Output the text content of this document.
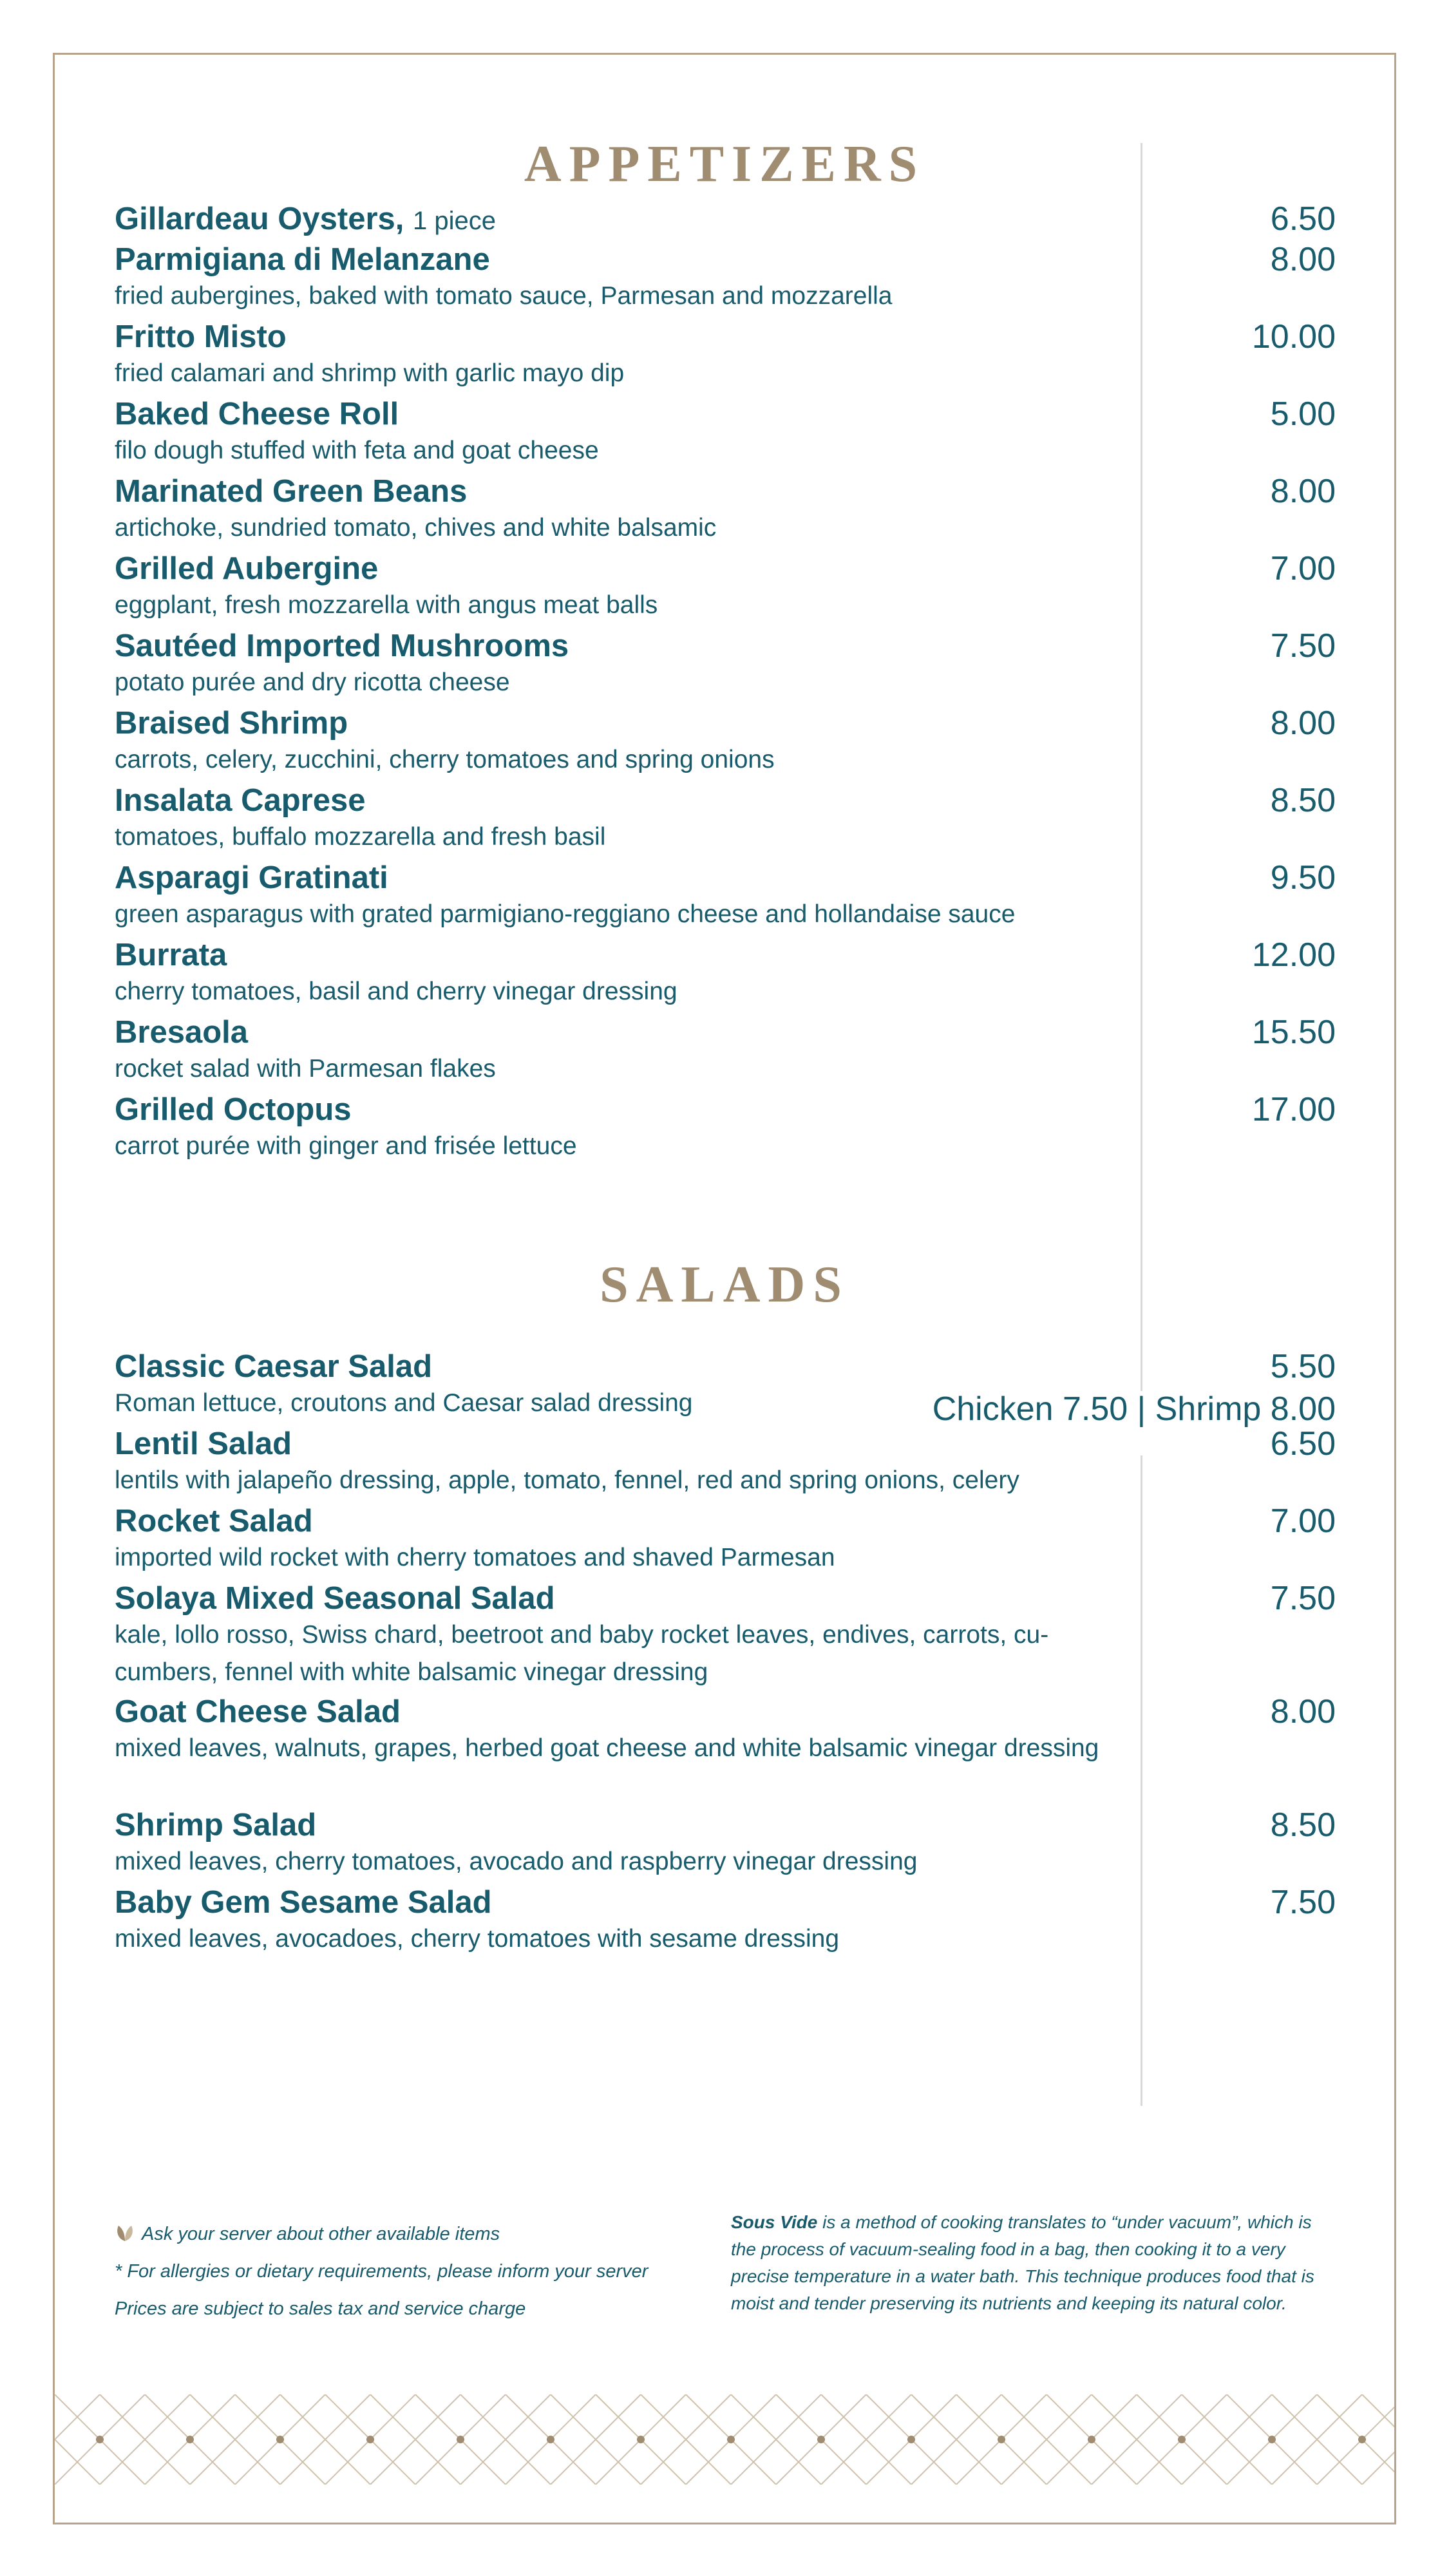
APPETIZERS
Gillardeau Oysters, 1 piece	6.50
Parmigiana di Melanzane
fried aubergines, baked with tomato sauce, Parmesan and mozzarella
8.00
Fritto Misto
fried calamari and shrimp with garlic mayo dip
10.00
Baked Cheese Roll
filo dough stuffed with feta and goat cheese
5.00
Marinated Green Beans
artichoke, sundried tomato, chives and white balsamic
8.00
Grilled Aubergine
eggplant, fresh mozzarella with angus meat balls
7.00
Sautéed Imported Mushrooms
potato purée and dry ricotta cheese
7.50
Braised Shrimp
carrots, celery, zucchini, cherry tomatoes and spring onions
8.00
Insalata Caprese
tomatoes, buffalo mozzarella and fresh basil
8.50
Asparagi Gratinati
green asparagus with grated parmigiano-reggiano cheese and hollandaise sauce
9.50
Burrata
cherry tomatoes, basil and cherry vinegar dressing
12.00
Bresaola
rocket salad with Parmesan flakes
15.50
Grilled Octopus
carrot purée with ginger and frisée lettuce
17.00
SALADS
Classic Caesar Salad
Roman lettuce, croutons and Caesar salad dressing
5.50
Chicken 7.50 | Shrimp 8.00
Lentil Salad
lentils with jalapeño dressing, apple, tomato, fennel, red and spring onions, celery
6.50
Rocket Salad
imported wild rocket with cherry tomatoes and shaved Parmesan
7.00
Solaya Mixed Seasonal Salad
kale, lollo rosso, Swiss chard, beetroot and baby rocket leaves, endives, carrots, cu-cumbers, fennel with white balsamic vinegar dressing
7.50
Goat Cheese Salad
mixed leaves, walnuts, grapes, herbed goat cheese and white balsamic vinegar dressing
8.00
Shrimp Salad
mixed leaves, cherry tomatoes, avocado and raspberry vinegar dressing
8.50
Baby Gem Sesame Salad
mixed leaves, avocadoes, cherry tomatoes with sesame dressing
7.50
Ask your server about other available items
* For allergies or dietary requirements, please inform your server
Prices are subject to sales tax and service charge
Sous Vide is a method of cooking translates to “under vacuum”, which is the process of vacuum-sealing food in a bag, then cooking it to a very precise temperature in a water bath. This technique produces food that is moist and tender preserving its nutrients and keeping its natural color.
